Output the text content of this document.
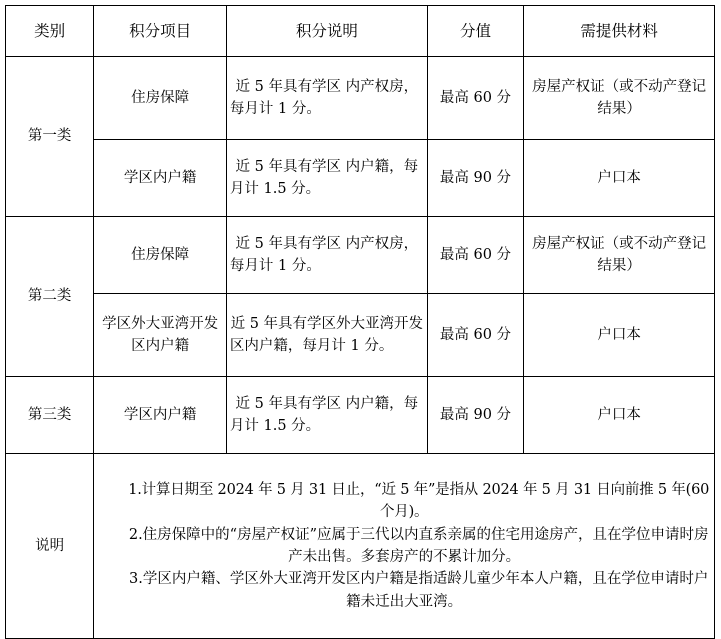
类别	积分项目	积分说明	分值	需提供材料
第一类	住房保障	近 5 年具有学区 内产权房，每月计 1 分。	最高 60 分	房屋产权证（或不动产登记结果）
	学区内户籍	近 5 年具有学区 内户籍，每月计 1.5 分。	最高 90 分	户口本
第二类	住房保障	近 5 年具有学区 内产权房，每月计 1 分。	最高 60 分	房屋产权证（或不动产登记结果）
	学区外大亚湾开发区内户籍	近 5 年具有学区外大亚湾开发区内户籍，每月计 1 分。	最高 60 分	户口本
第三类	学区内户籍	近 5 年具有学区 内户籍，每月计 1.5 分。	最高 90 分	户口本
说明	1.计算日期至 2024 年 5 月 31 日止，“近 5 年”是指从 2024 年 5 月 31 日向前推 5 年(60 个月)。

2.住房保障中的“房屋产权证”应属于三代以内直系亲属的住宅用途房产，且在学位申请时房产未出售。多套房产的不累计加分。

3.学区内户籍、学区外大亚湾开发区内户籍是指适龄儿童少年本人户籍，且在学位申请时户籍未迁出大亚湾。			
